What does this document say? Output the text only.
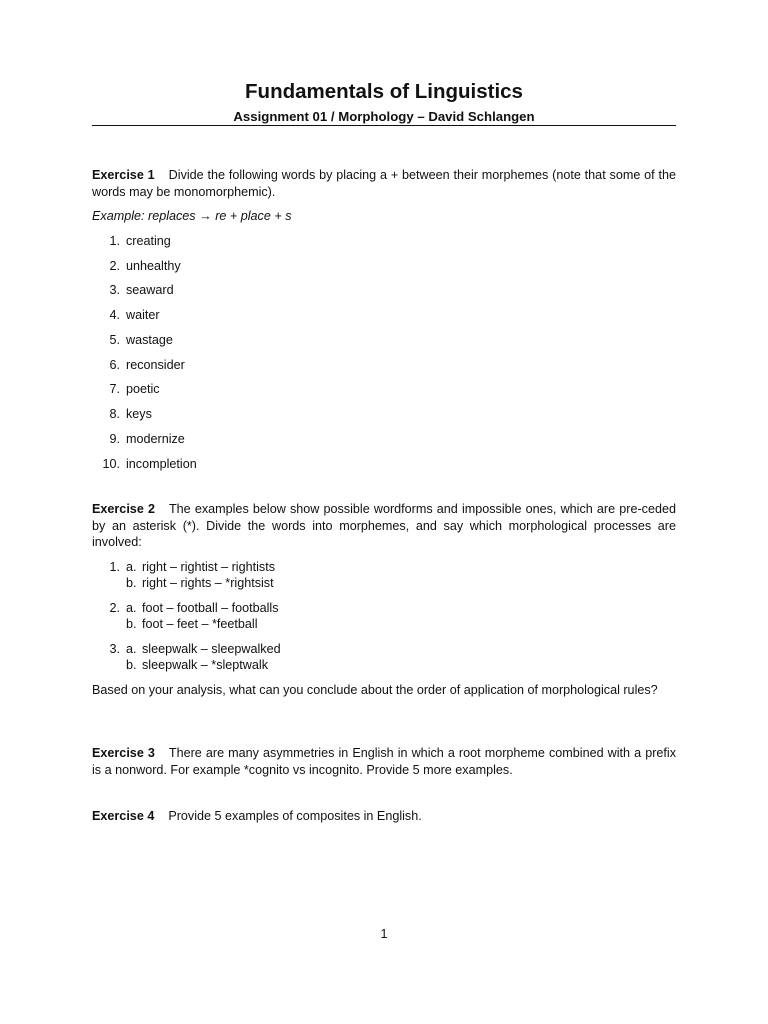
Fundamentals of Linguistics
Assignment 01 / Morphology – David Schlangen
Exercise 1 Divide the following words by placing a + between their morphemes (note that some of the words may be monomorphemic).
Example: replaces → re + place + s
1. creating
2. unhealthy
3. seaward
4. waiter
5. wastage
6. reconsider
7. poetic
8. keys
9. modernize
10. incompletion
Exercise 2 The examples below show possible wordforms and impossible ones, which are pre-ceded by an asterisk (*). Divide the words into morphemes, and say which morphological processes are involved:
1. a. right – rightist – rightists
b. right – rights – *rightsist
2. a. foot – football – footballs
b. foot – feet – *feetball
3. a. sleepwalk – sleepwalked
b. sleepwalk – *sleptwalk
Based on your analysis, what can you conclude about the order of application of morphological rules?
Exercise 3 There are many asymmetries in English in which a root morpheme combined with a prefix is a nonword. For example *cognito vs incognito. Provide 5 more examples.
Exercise 4 Provide 5 examples of composites in English.
1
